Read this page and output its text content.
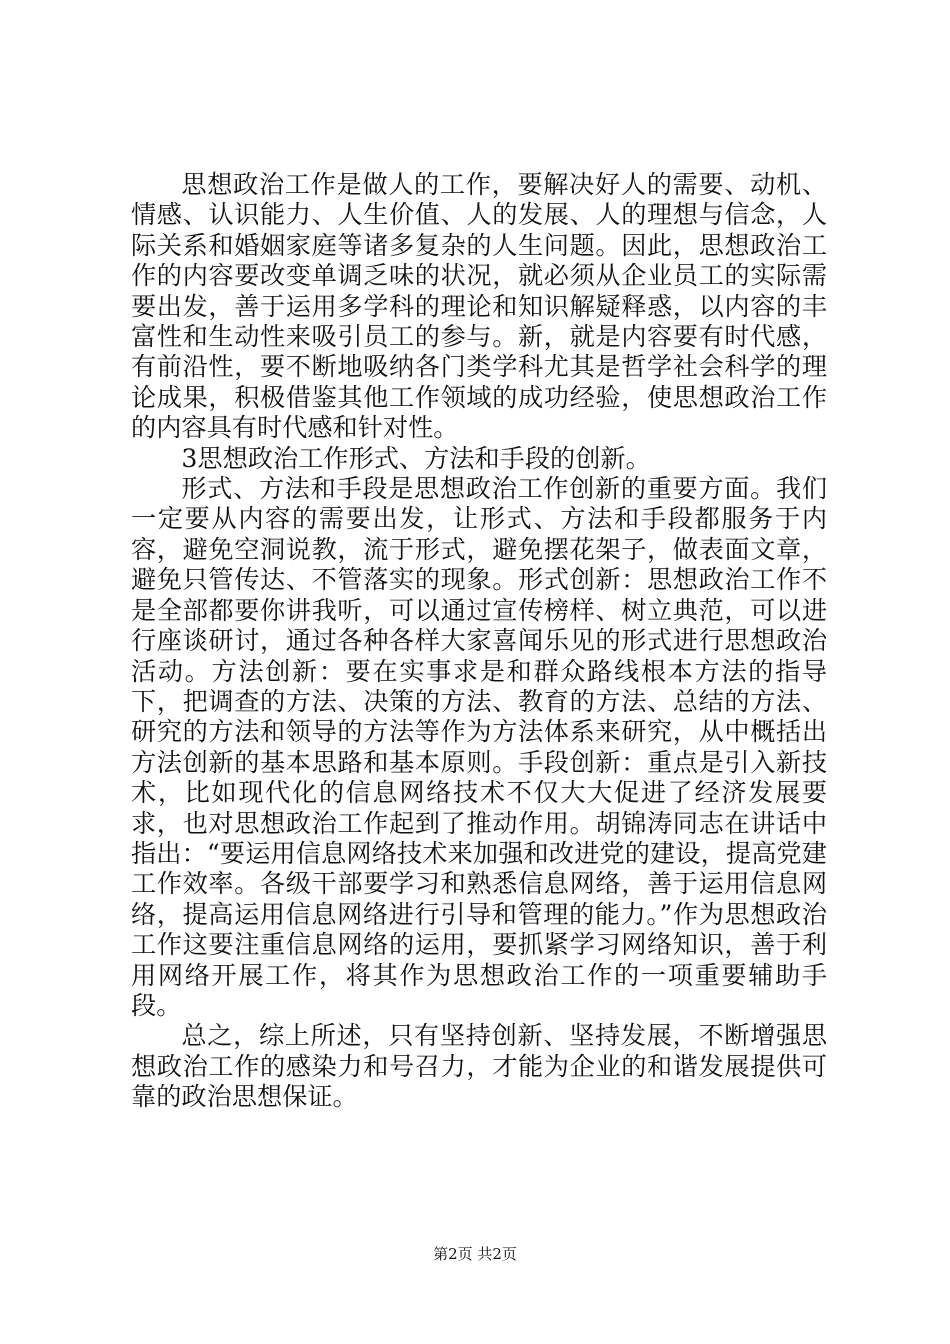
思想政治工作是做人的工作，要解决好人的需要、动机、情感、认识能力、人生价值、人的发展、人的理想与信念，人际关系和婚姻家庭等诸多复杂的人生问题。因此，思想政治工作的内容要改变单调乏味的状况，就必须从企业员工的实际需要出发，善于运用多学科的理论和知识解疑释惑，以内容的丰富性和生动性来吸引员工的参与。新，就是内容要有时代感，有前沿性，要不断地吸纳各门类学科尤其是哲学社会科学的理论成果，积极借鉴其他工作领域的成功经验，使思想政治工作的内容具有时代感和针对性。

3思想政治工作形式、方法和手段的创新。

形式、方法和手段是思想政治工作创新的重要方面。我们一定要从内容的需要出发，让形式、方法和手段都服务于内容，避免空洞说教，流于形式，避免摆花架子，做表面文章，避免只管传达、不管落实的现象。形式创新：思想政治工作不是全部都要你讲我听，可以通过宣传榜样、树立典范，可以进行座谈研讨，通过各种各样大家喜闻乐见的形式进行思想政治活动。方法创新：要在实事求是和群众路线根本方法的指导下，把调查的方法、决策的方法、教育的方法、总结的方法、研究的方法和领导的方法等作为方法体系来研究，从中概括出方法创新的基本思路和基本原则。手段创新：重点是引入新技术，比如现代化的信息网络技术不仅大大促进了经济发展要求，也对思想政治工作起到了推动作用。胡锦涛同志在讲话中指出：“要运用信息网络技术来加强和改进党的建设，提高党建工作效率。各级干部要学习和熟悉信息网络，善于运用信息网络，提高运用信息网络进行引导和管理的能力。”作为思想政治工作这要注重信息网络的运用，要抓紧学习网络知识，善于利用网络开展工作，将其作为思想政治工作的一项重要辅助手段。

总之，综上所述，只有坚持创新、坚持发展，不断增强思想政治工作的感染力和号召力，才能为企业的和谐发展提供可靠的政治思想保证。

第2页 共2页
